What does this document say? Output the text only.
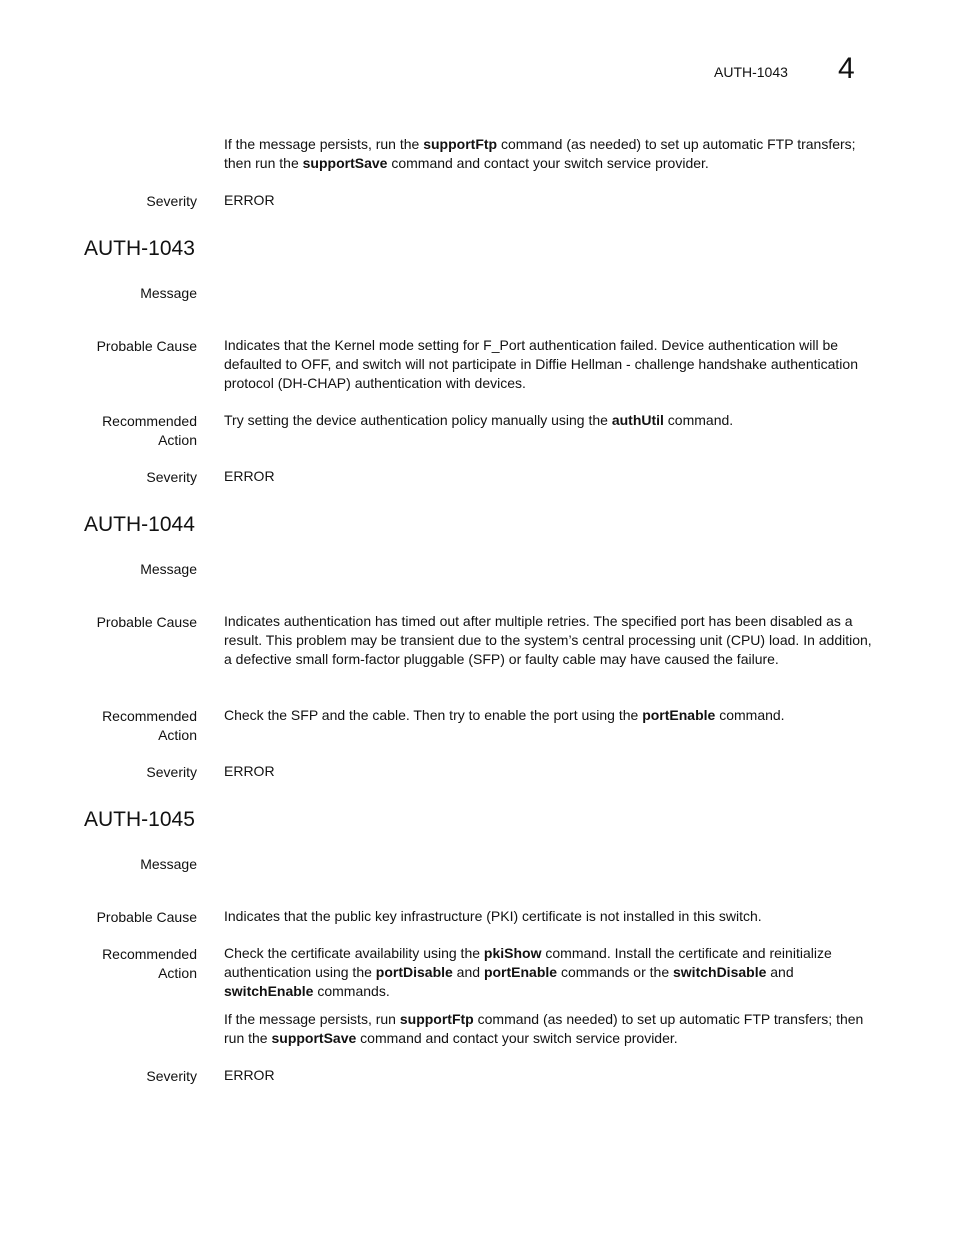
AUTH-1043 4
If the message persists, run the supportFtp command (as needed) to set up automatic FTP transfers; then run the supportSave command and contact your switch service provider.
Severity ERROR
AUTH-1043
Message
Probable Cause Indicates that the Kernel mode setting for F_Port authentication failed. Device authentication will be defaulted to OFF, and switch will not participate in Diffie Hellman - challenge handshake authentication protocol (DH-CHAP) authentication with devices.
Recommended
Action
Try setting the device authentication policy manually using the authUtil command.
Severity ERROR
AUTH-1044
Message
Probable Cause Indicates authentication has timed out after multiple retries. The specified port has been disabled as a result. This problem may be transient due to the system’s central processing unit (CPU) load. In addition, a defective small form-factor pluggable (SFP) or faulty cable may have caused the failure.
Recommended
Action
Check the SFP and the cable. Then try to enable the port using the portEnable command.
Severity ERROR
AUTH-1045
Message
Probable Cause Indicates that the public key infrastructure (PKI) certificate is not installed in this switch.
Recommended
Action
Check the certificate availability using the pkiShow command. Install the certificate and reinitialize authentication using the portDisable and portEnable commands or the switchDisable and switchEnable commands.
If the message persists, run supportFtp command (as needed) to set up automatic FTP transfers; then run the supportSave command and contact your switch service provider.
Severity ERROR
